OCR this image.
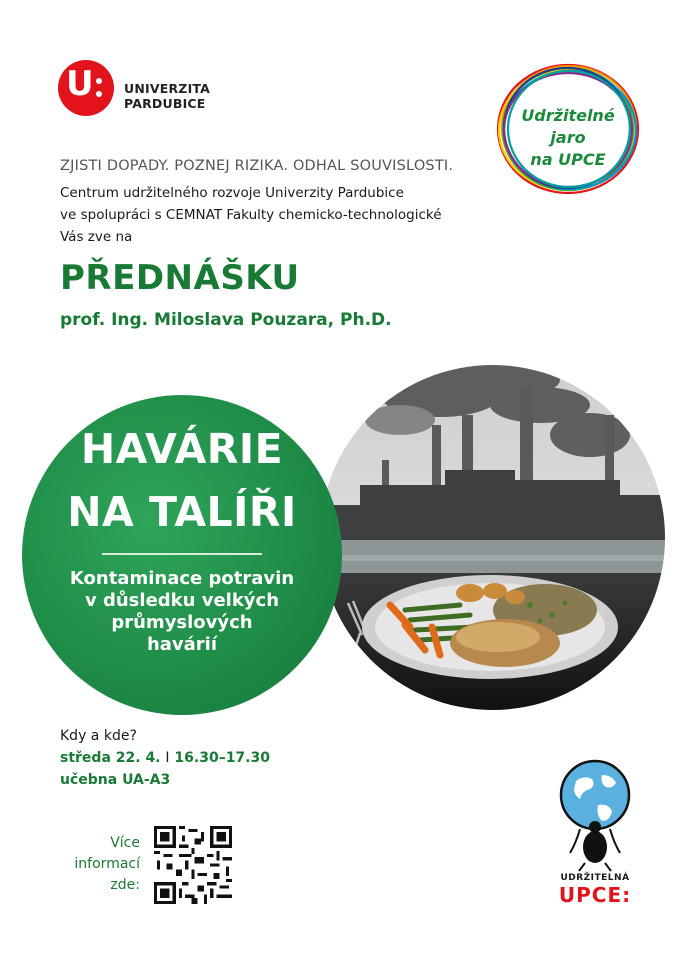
U UNIVERZITA
PARDUBICE
Udržitelné
jaro
na UPCE
ZJISTI DOPADY. POZNEJ RIZIKA. ODHAL SOUVISLOSTI.
Centrum udržitelného rozvoje Univerzity Pardubice
ve spolupráci s CEMNAT Fakulty chemicko-technologické
Vás zve na
PŘEDNÁŠKU
prof. Ing. Miloslava Pouzara, Ph.D.
HAVÁRIE
NA TALÍŘI
Kontaminace potravin
v důsledku velkých
průmyslových
havárií
Kdy a kde?
středa 22. 4. I 16.30–17.30
učebna UA-A3
Více
informací
zde:	UDRŽITELNÁ
UPCE:
